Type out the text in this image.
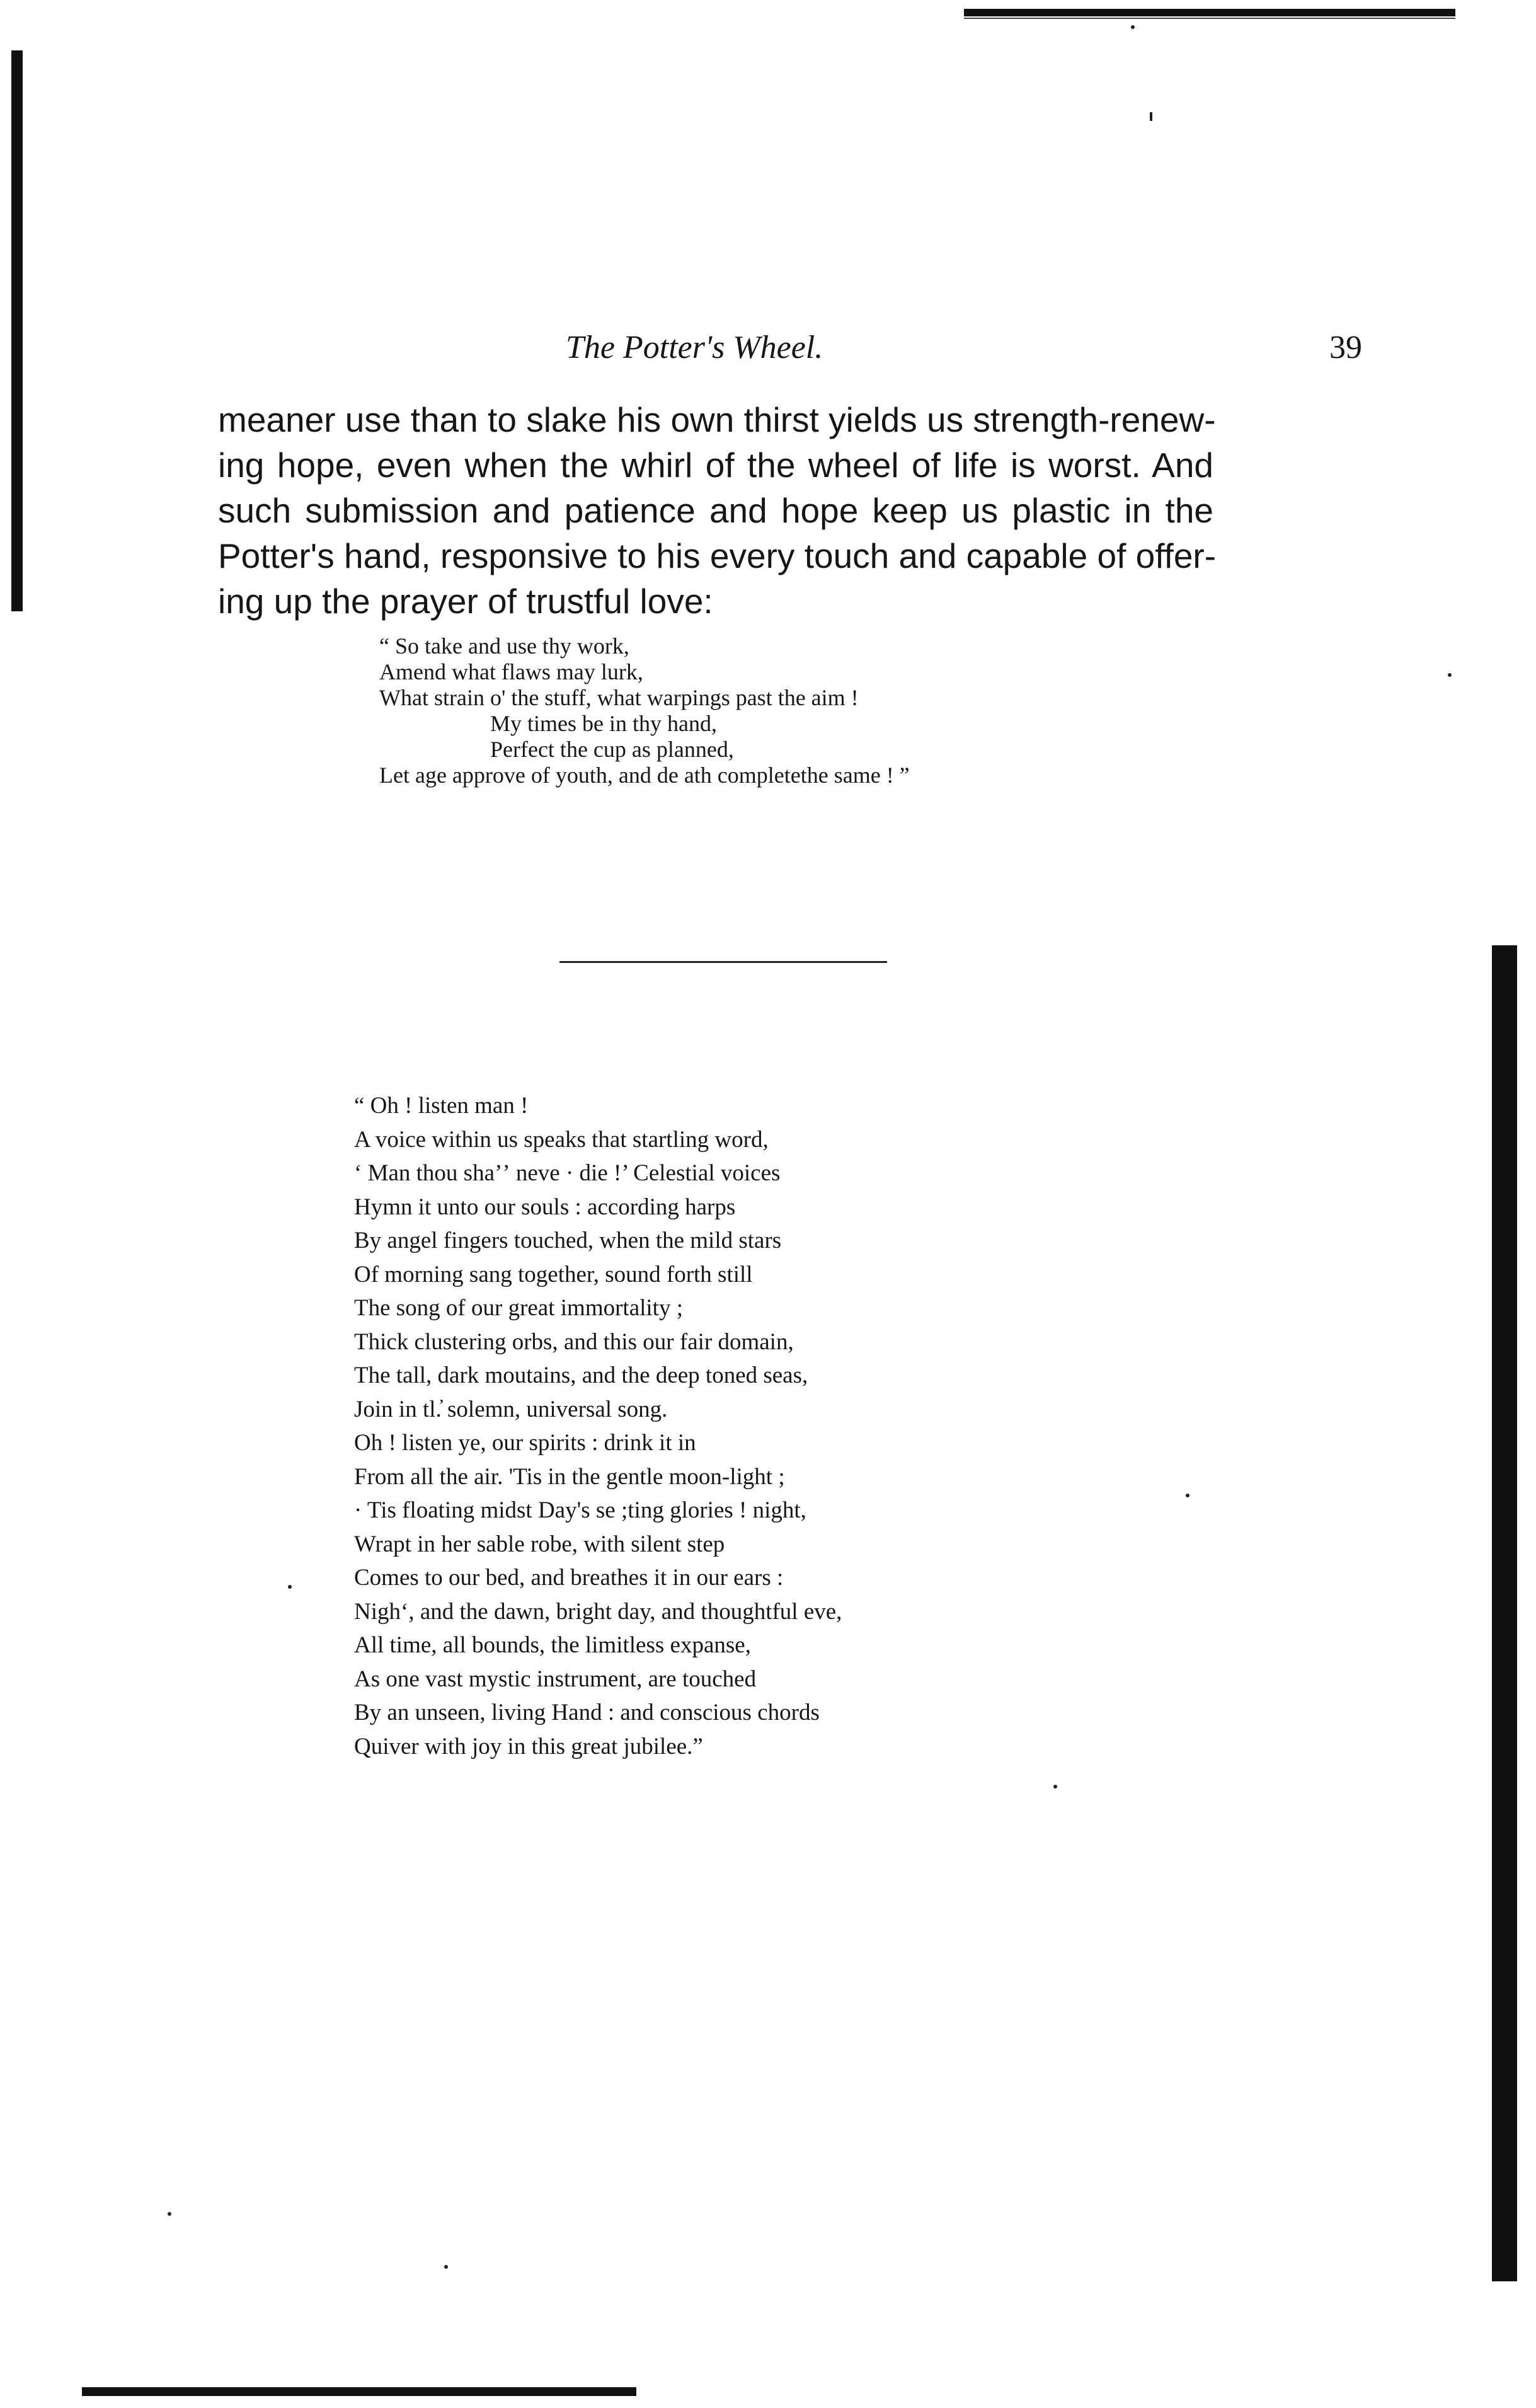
The Potter's Wheel.	39
meaner use than to slake his own thirst yields us strength-renew-
ing hope, even when the whirl of the wheel of life is worst. And
such submission and patience and hope keep us plastic in the
Potter's hand, responsive to his every touch and capable of offer-
ing up the prayer of trustful love:
“ So take and use thy work,
Amend what flaws may lurk,
What strain o' the stuff, what warpings past the aim !
My times be in thy hand,
Perfect the cup as planned,
Let age approve of youth, and de ath completethe same ! ”
“ Oh ! listen man !
A voice within us speaks that startling word,
‘ Man thou shaʼʼ neve · die !’ Celestial voices
Hymn it unto our souls : according harps
By angel fingers touched, when the mild stars
Of morning sang together, sound forth still
The song of our great immortality ;
Thick clustering orbs, and this our fair domain,
The tall, dark moutains, and the deep toned seas,
Join in tl.̓ solemn, universal song.
Oh ! listen ye, our spirits : drink it in
From all the air. 'Tis in the gentle moon-light ;
· Tis floating midst Day's se ;ting glories ! night,
Wrapt in her sable robe, with silent step
Comes to our bed, and breathes it in our ears :
Nigh‘, and the dawn, bright day, and thoughtful eve,
All time, all bounds, the limitless expanse,
As one vast mystic instrument, are touched
By an unseen, living Hand : and conscious chords
Quiver with joy in this great jubilee.”
